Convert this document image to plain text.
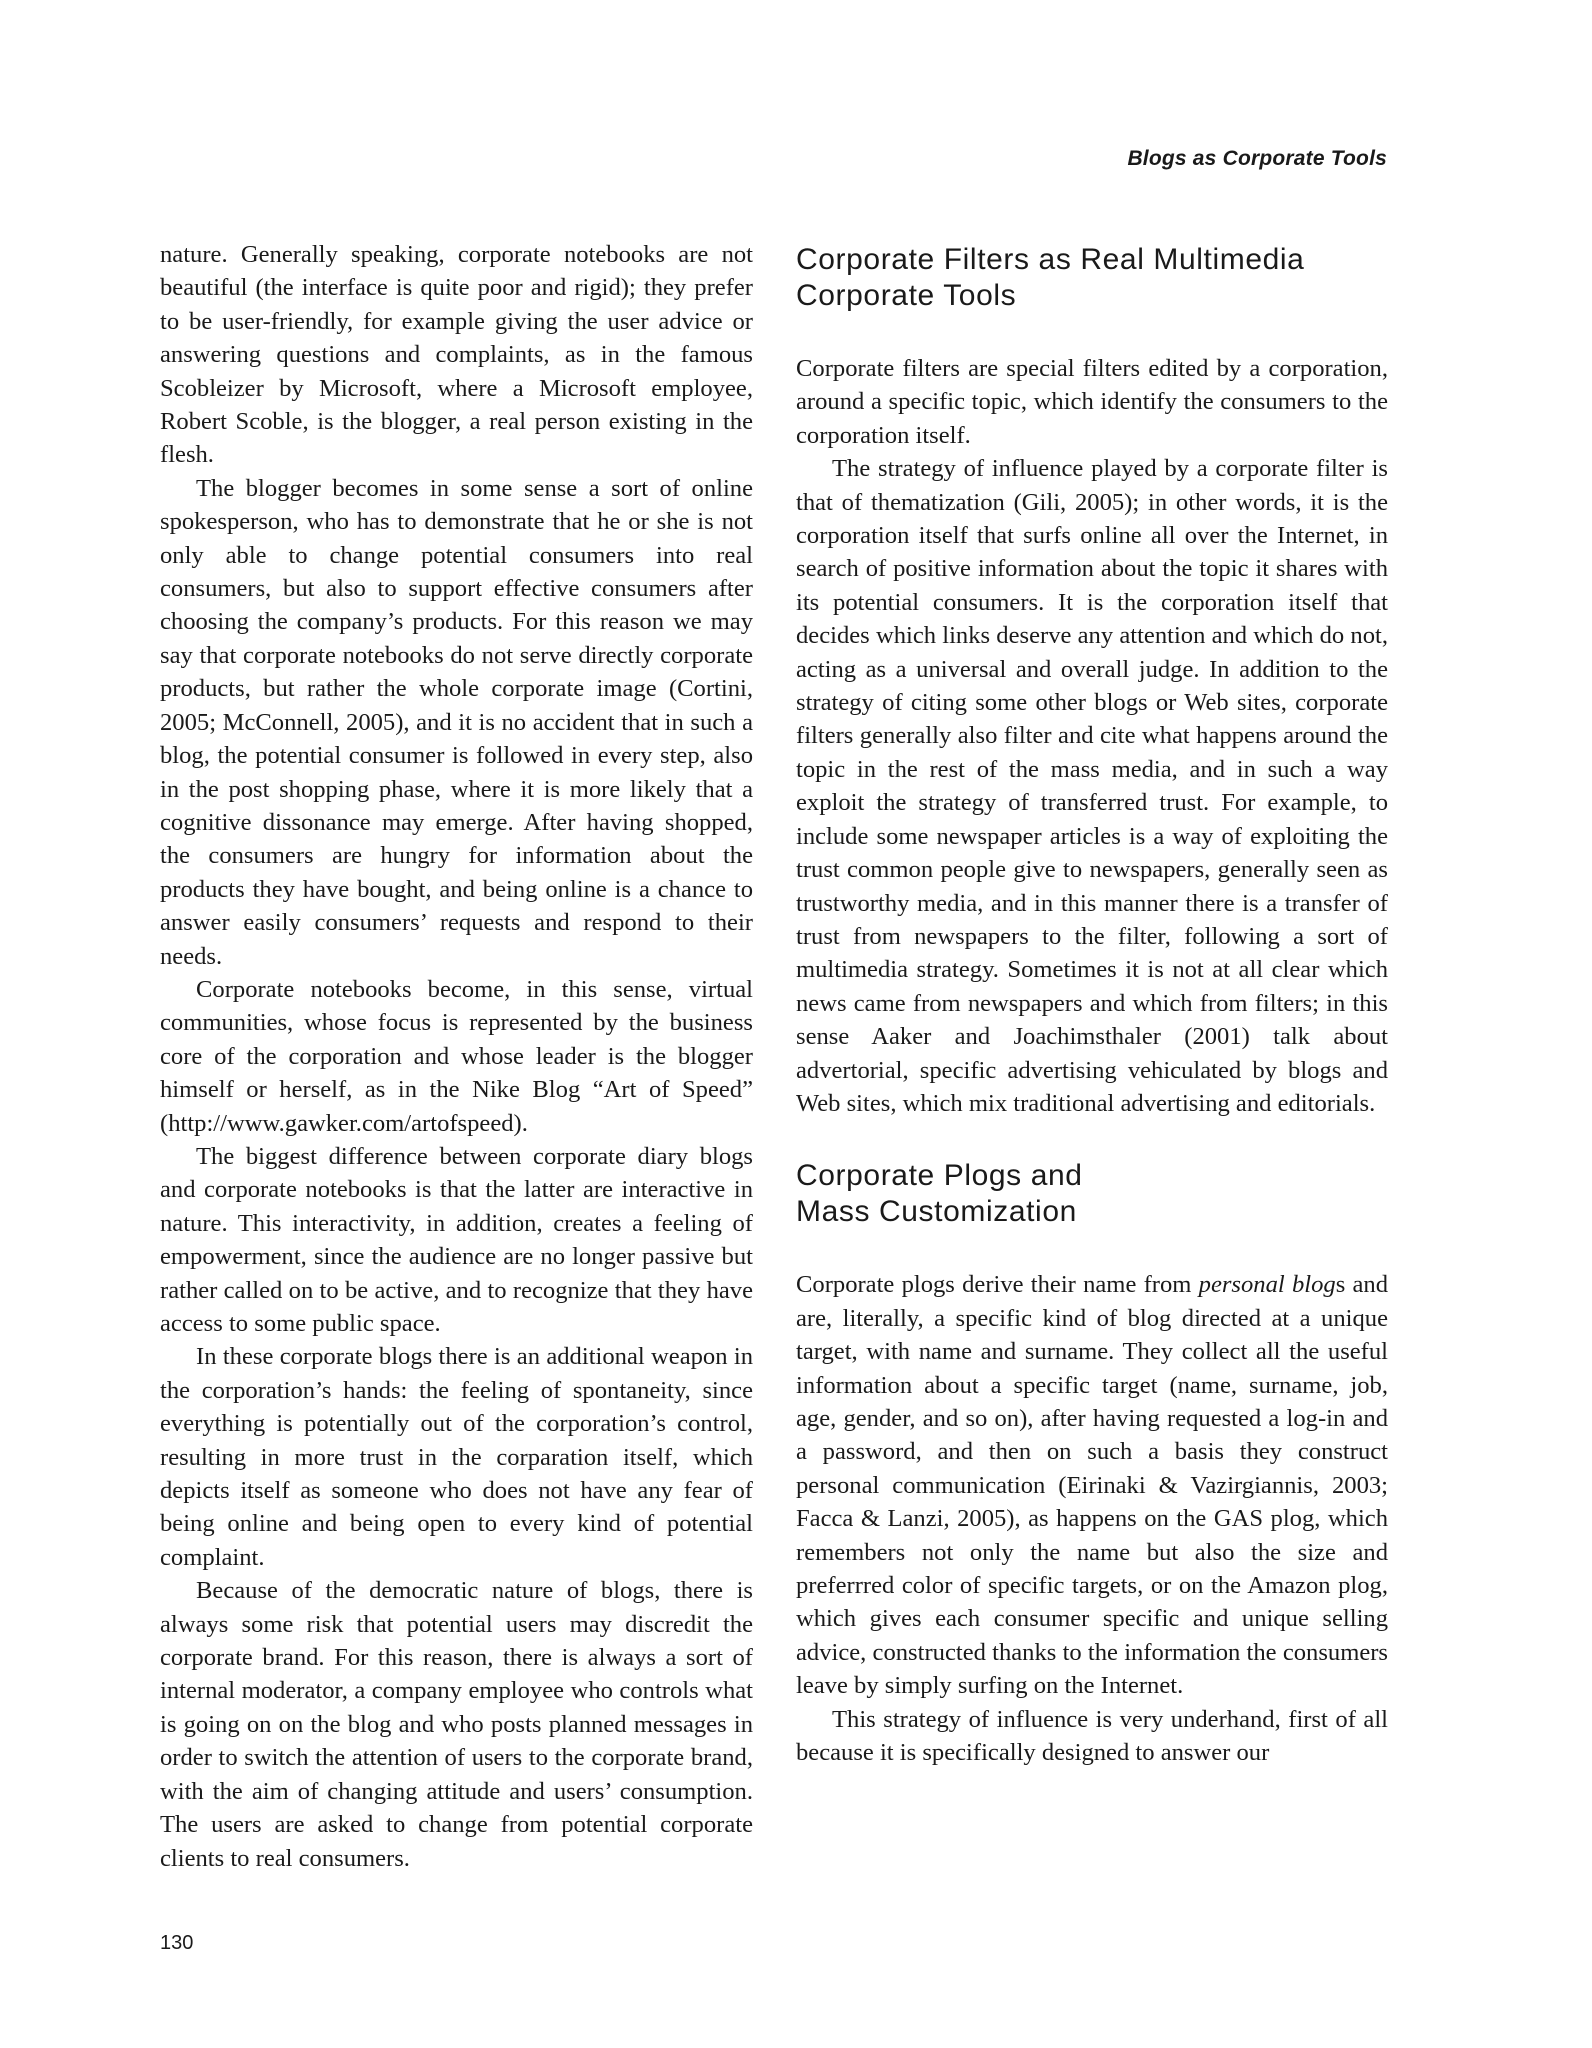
Blogs as Corporate Tools

nature. Generally speaking, corporate notebooks are not beautiful (the interface is quite poor and rigid); they prefer to be user-friendly, for example giving the user advice or answering questions and complaints, as in the famous Scobleizer by Microsoft, where a Microsoft employee, Robert Scoble, is the blogger, a real person existing in the flesh.

The blogger becomes in some sense a sort of online spokesperson, who has to demonstrate that he or she is not only able to change potential consumers into real consumers, but also to support effective consumers after choosing the company’s products. For this reason we may say that corporate notebooks do not serve directly corporate products, but rather the whole corporate image (Cortini, 2005; McConnell, 2005), and it is no accident that in such a blog, the potential consumer is followed in every step, also in the post shopping phase, where it is more likely that a cognitive dissonance may emerge. After having shopped, the consumers are hungry for information about the products they have bought, and being online is a chance to answer easily consumers’ requests and respond to their needs.

Corporate notebooks become, in this sense, virtual communities, whose focus is represented by the business core of the corporation and whose leader is the blogger himself or herself, as in the Nike Blog “Art of Speed” (http://www.gawker.com/artofspeed).

The biggest difference between corporate diary blogs and corporate notebooks is that the latter are interactive in nature. This interactivity, in addition, creates a feeling of empowerment, since the audience are no longer passive but rather called on to be active, and to recognize that they have access to some public space.

In these corporate blogs there is an additional weapon in the corporation’s hands: the feeling of spontaneity, since everything is potentially out of the corporation’s control, resulting in more trust in the corparation itself, which depicts itself as someone who does not have any fear of being online and being open to every kind of potential complaint.

Because of the democratic nature of blogs, there is always some risk that potential users may discredit the corporate brand. For this reason, there is always a sort of internal moderator, a company employee who controls what is going on on the blog and who posts planned messages in order to switch the attention of users to the corporate brand, with the aim of changing attitude and users’ consumption. The users are asked to change from potential corporate clients to real consumers.

Corporate Filters as Real Multimedia Corporate Tools

Corporate filters are special filters edited by a corporation, around a specific topic, which identify the consumers to the corporation itself.

The strategy of influence played by a corporate filter is that of thematization (Gili, 2005); in other words, it is the corporation itself that surfs online all over the Internet, in search of positive information about the topic it shares with its potential consumers. It is the corporation itself that decides which links deserve any attention and which do not, acting as a universal and overall judge. In addition to the strategy of citing some other blogs or Web sites, corporate filters generally also filter and cite what happens around the topic in the rest of the mass media, and in such a way exploit the strategy of transferred trust. For example, to include some newspaper articles is a way of exploiting the trust common people give to newspapers, generally seen as trustworthy media, and in this manner there is a transfer of trust from newspapers to the filter, following a sort of multimedia strategy. Sometimes it is not at all clear which news came from newspapers and which from filters; in this sense Aaker and Joachimsthaler (2001) talk about advertorial, specific advertising vehiculated by blogs and Web sites, which mix traditional advertising and editorials.

Corporate Plogs and
Mass Customization

Corporate plogs derive their name from personal blogs and are, literally, a specific kind of blog directed at a unique target, with name and surname. They collect all the useful information about a specific target (name, surname, job, age, gender, and so on), after having requested a log-in and a password, and then on such a basis they construct personal communication (Eirinaki & Vazirgiannis, 2003; Facca & Lanzi, 2005), as happens on the GAS plog, which remembers not only the name but also the size and preferrred color of specific targets, or on the Amazon plog, which gives each consumer specific and unique selling advice, constructed thanks to the information the consumers leave by simply surfing on the Internet.

This strategy of influence is very underhand, first of all because it is specifically designed to answer our

130
